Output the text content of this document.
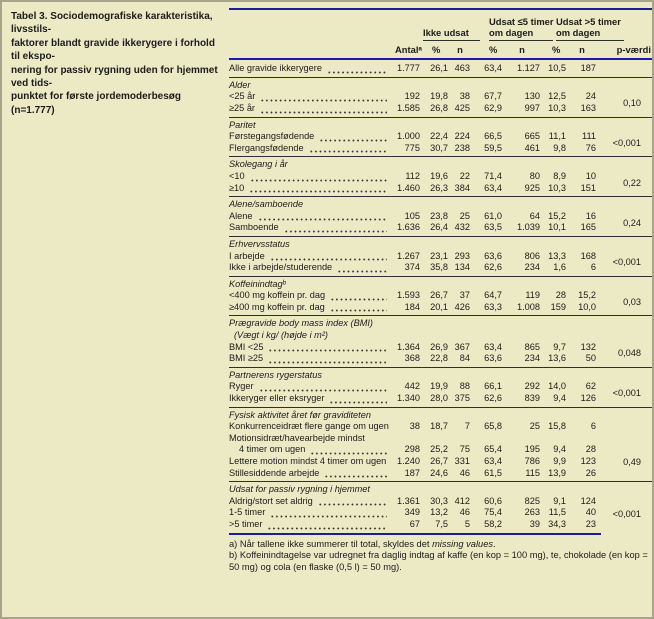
Tabel 3. Sociodemografiske karakteristika, livsstils-
faktorer blandt gravide ikkerygere i forhold til ekspo-
nering for passiv rygning uden for hjemmet ved tids-
punktet for første jordemoderbesøg (n=1.777)
Ikke udsat
Udsat ≤5 timer
om dagen
Udsat >5 timer
om dagen
	Antalᵃ	%	n	%	n	%	n	p-værdi

Alle gravide ikkerygere	1.777	26,1	463	63,4	1.127	10,5	187	
Alder								

<25 år	192	19,8	38	67,7	130	12,5	24	0,10

≥25 år	1.585	26,8	425	62,9	997	10,3	163	
Paritet								

Førstegangsfødende	1.000	22,4	224	66,5	665	11,1	111	<0,001

Flergangsfødende	775	30,7	238	59,5	461	9,8	76	
Skolegang i år								

<10	112	19,6	22	71,4	80	8,9	10	0,22

≥10	1.460	26,3	384	63,4	925	10,3	151	
Alene/samboende								

Alene	105	23,8	25	61,0	64	15,2	16	0,24

Samboende	1.636	26,4	432	63,5	1.039	10,1	165	
Erhvervsstatus								

I arbejde	1.267	23,1	293	63,6	806	13,3	168	<0,001

Ikke i arbejde/studerende	374	35,8	134	62,6	234	1,6	6	
Koffeinindtagᵇ								

<400 mg koffein pr. dag	1.593	26,7	37	64,7	119	28	15,2	0,03

≥400 mg koffein pr. dag	184	20,1	426	63,3	1.008	159	10,0	
Prægravide body mass index (BMI)								
(Vægt i kg/ (højde i m²)								

BMI <25	1.364	26,9	367	63,4	865	9,7	132	0,048

BMI ≥25	368	22,8	84	63,6	234	13,6	50	
Partnerens rygerstatus								

Ryger	442	19,9	88	66,1	292	14,0	62	<0,001

Ikkeryger eller eksryger	1.340	28,0	375	62,6	839	9,4	126	
Fysisk aktivitet året før graviditeten								

Konkurrenceidræt flere gange om ugen	38	18,7	7	65,8	25	15,8	6	

Motionsidræt/havearbejde mindst								

4 timer om ugen	298	25,2	75	65,4	195	9,4	28	0,49

Lettere motion mindst 4 timer om ugen	1.240	26,7	331	63,4	786	9,9	123	

Stillesiddende arbejde	187	24,6	46	61,5	115	13,9	26	
Udsat for passiv rygning i hjemmet								

Aldrig/stort set aldrig	1.361	30,3	412	60,6	825	9,1	124	<0,001

1-5 timer	349	13,2	46	75,4	263	11,5	40	

>5 timer	67	7,5	5	58,2	39	34,3	23	
a) Når tallene ikke summerer til total, skyldes det missing values.
b) Koffeinindtagelse var udregnet fra daglig indtag af kaffe (en kop = 100 mg), te, chokolade (en kop = 50 mg) og cola (en flaske (0,5 l) = 50 mg).
